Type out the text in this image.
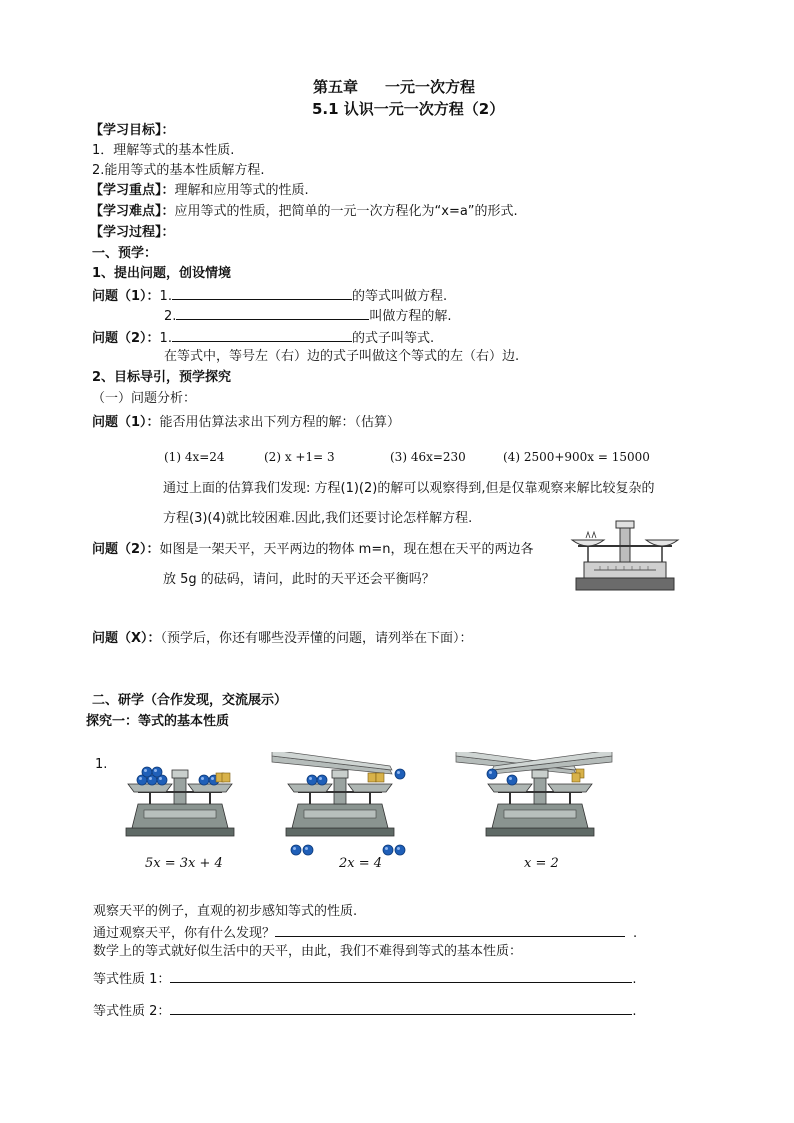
第五章 一元一次方程
5.1 认识一元一次方程（2）
【学习目标】：
1．理解等式的基本性质.
2.能用等式的基本性质解方程.
【学习重点】：理解和应用等式的性质.
【学习难点】：应用等式的性质，把简单的一元一次方程化为“x=a”的形式.
【学习过程】：
一、预学：
1、提出问题，创设情境
问题（1）：1.	的等式叫做方程.
2.	叫做方程的解.
问题（2）：1.	的式子叫等式.
在等式中，等号左（右）边的式子叫做这个等式的左（右）边.
2、目标导引，预学探究
（一）问题分析：
问题（1）：能否用估算法求出下列方程的解：（估算）
(1) 4x=24	(2) x +1= 3	(3) 46x=230	(4) 2500+900x = 15000
通过上面的估算我们发现: 方程(1)(2)的解可以观察得到,但是仅靠观察来解比较复杂的
方程(3)(4)就比较困难.因此,我们还要讨论怎样解方程.
问题（2）：如图是一架天平，天平两边的物体 m=n，现在想在天平的两边各
放 5g 的砝码，请问，此时的天平还会平衡吗？
问题（X）：（预学后，你还有哪些没弄懂的问题，请列举在下面）：
二、研学（合作发现，交流展示）
探究一：等式的基本性质
1.
5x = 3x + 4	2x = 4	x = 2
观察天平的例子，直观的初步感知等式的性质.
通过观察天平，你有什么发现？	.
数学上的等式就好似生活中的天平，由此，我们不难得到等式的基本性质：
等式性质 1：	.
等式性质 2：	.
